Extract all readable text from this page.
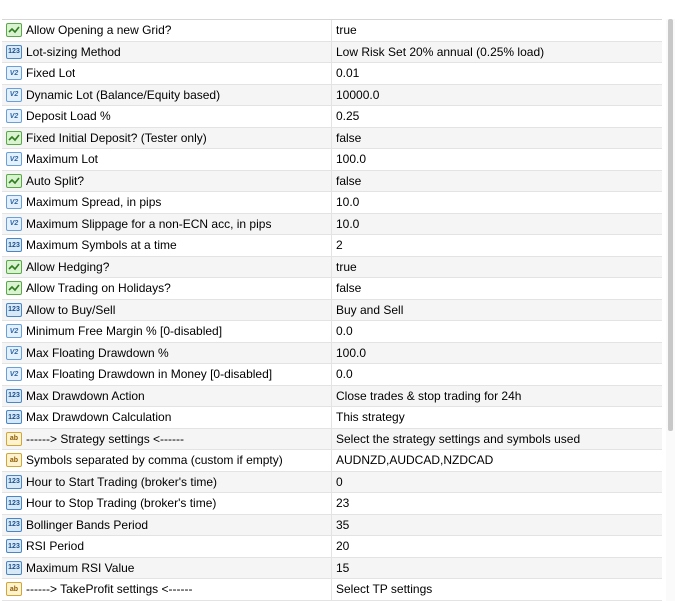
Allow Opening a new Grid?	true
123 Lot-sizing Method	Low Risk Set 20% annual (0.25% load)
V2 Fixed Lot	0.01
V2 Dynamic Lot (Balance/Equity based)	10000.0
V2 Deposit Load %	0.25
Fixed Initial Deposit? (Tester only)	false
V2 Maximum Lot	100.0
Auto Split?	false
V2 Maximum Spread, in pips	10.0
V2 Maximum Slippage for a non-ECN acc, in pips	10.0
123 Maximum Symbols at a time	2
Allow Hedging?	true
Allow Trading on Holidays?	false
123 Allow to Buy/Sell	Buy and Sell
V2 Minimum Free Margin % [0-disabled]	0.0
V2 Max Floating Drawdown %	100.0
V2 Max Floating Drawdown in Money [0-disabled]	0.0
123 Max Drawdown Action	Close trades & stop trading for 24h
123 Max Drawdown Calculation	This strategy
ab ------> Strategy settings <------	Select the strategy settings and symbols used
ab Symbols separated by comma (custom if empty)	AUDNZD,AUDCAD,NZDCAD
123 Hour to Start Trading (broker's time)	0
123 Hour to Stop Trading (broker's time)	23
123 Bollinger Bands Period	35
123 RSI Period	20
123 Maximum RSI Value	15
ab ------> TakeProfit settings <------	Select TP settings
